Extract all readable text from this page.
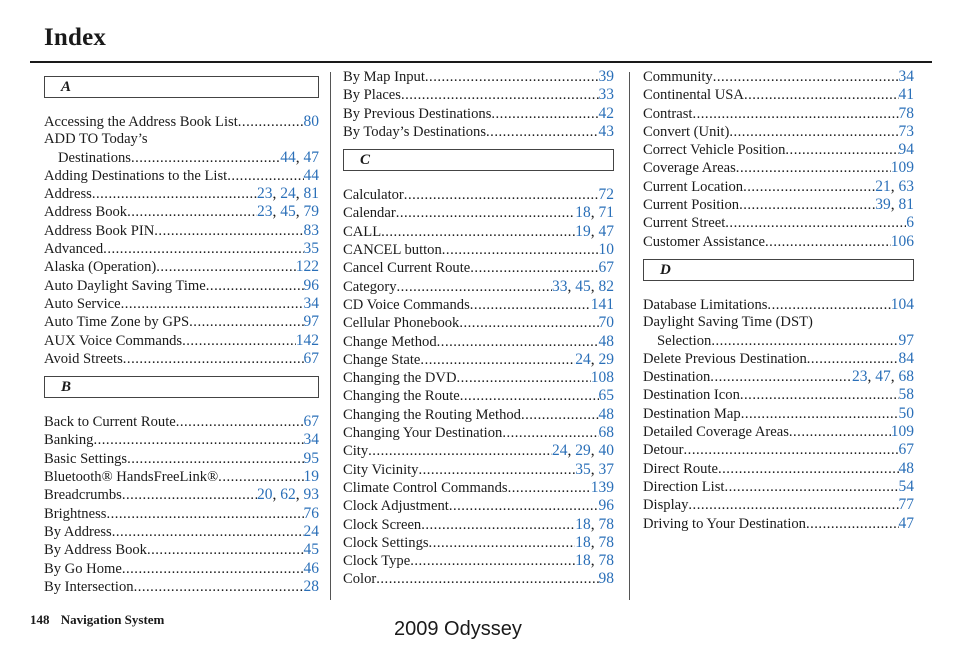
Index
A
Accessing the Address Book List .....	80
ADD TO Today’s
Destinations .....	44, 47
Adding Destinations to the List .....	44
Address .....	23, 24, 81
Address Book .....	23, 45, 79
Address Book PIN .....	83
Advanced .....	35
Alaska (Operation) .....	122
Auto Daylight Saving Time .....	96
Auto Service .....	34
Auto Time Zone by GPS .....	97
AUX Voice Commands .....	142
Avoid Streets .....	67
B
Back to Current Route .....	67
Banking .....	34
Basic Settings .....	95
Bluetooth® HandsFreeLink® .....	19
Breadcrumbs .....	20, 62, 93
Brightness .....	76
By Address .....	24
By Address Book .....	45
By Go Home .....	46
By Intersection .....	28
By Map Input .....	39
By Places .....	33
By Previous Destinations .....	42
By Today’s Destinations .....	43
C
Calculator .....	72
Calendar .....	18, 71
CALL .....	19, 47
CANCEL button .....	10
Cancel Current Route .....	67
Category .....	33, 45, 82
CD Voice Commands .....	141
Cellular Phonebook .....	70
Change Method .....	48
Change State .....	24, 29
Changing the DVD .....	108
Changing the Route .....	65
Changing the Routing Method .....	48
Changing Your Destination .....	68
City .....	24, 29, 40
City Vicinity .....	35, 37
Climate Control Commands .....	139
Clock Adjustment .....	96
Clock Screen .....	18, 78
Clock Settings .....	18, 78
Clock Type .....	18, 78
Color .....	98
Community .....	34
Continental USA .....	41
Contrast .....	78
Convert (Unit) .....	73
Correct Vehicle Position .....	94
Coverage Areas .....	109
Current Location .....	21, 63
Current Position .....	39, 81
Current Street .....	6
Customer Assistance .....	106
D
Database Limitations .....	104
Daylight Saving Time (DST)
Selection .....	97
Delete Previous Destination .....	84
Destination .....	23, 47, 68
Destination Icon .....	58
Destination Map .....	50
Detailed Coverage Areas .....	109
Detour .....	67
Direct Route .....	48
Direction List .....	54
Display .....	77
Driving to Your Destination .....	47
148 Navigation System	2009 Odyssey
